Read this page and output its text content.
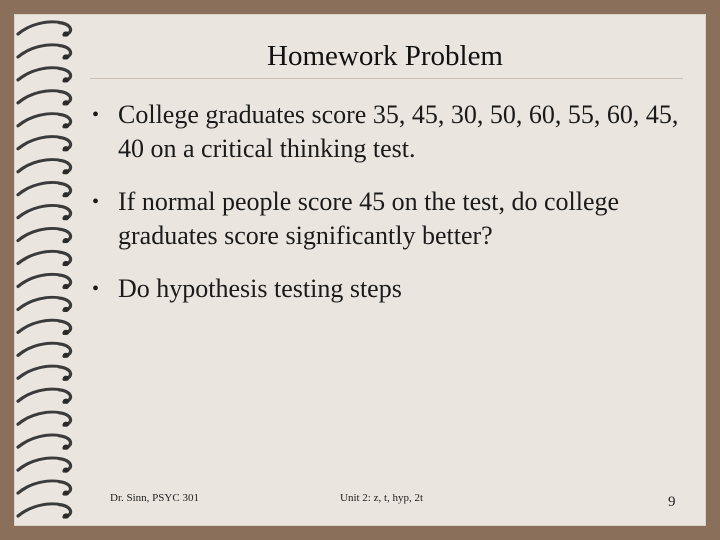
Homework Problem
• College graduates score 35, 45, 30, 50, 60, 55, 60, 45, 40 on a critical thinking test.
• If normal people score 45 on the test, do college graduates score significantly better?
• Do hypothesis testing steps
Dr. Sinn, PSYC 301	Unit 2: z, t, hyp, 2t	9
